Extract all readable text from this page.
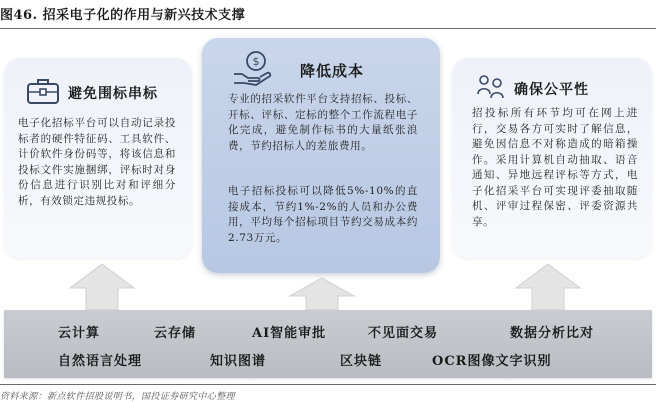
图46. 招采电子化的作用与新兴技术支撑
避免围标串标
电子化招标平台可以自动记录投标者的硬件特征码、工具软件、计价软件身份码等，将该信息和投标文件实施捆绑，评标时对身份信息进行识别比对和评细分析，有效锁定违规投标。
$	降低成本
专业的招采软件平台支持招标、投标、开标、评标、定标的整个工作流程电子化完成，避免制作标书的大量纸张浪费，节约招标人的差旅费用。
电子招标投标可以降低5%-10%的直接成本，节约1%-2%的人员和办公费用，平均每个招标项目节约交易成本约2.73万元。
确保公平性
招投标所有环节均可在网上进行，交易各方可实时了解信息，避免因信息不对称造成的暗箱操作。采用计算机自动抽取、语音通知、异地远程评标等方式，电子化招采平台可实现评委抽取随机、评审过程保密、评委资源共享。
云计算	云存储	AI智能审批	不见面交易	数据分析比对
自然语言处理	知识图谱	区块链	OCR图像文字识别
资料来源：新点软件招股说明书，国投证券研究中心整理
